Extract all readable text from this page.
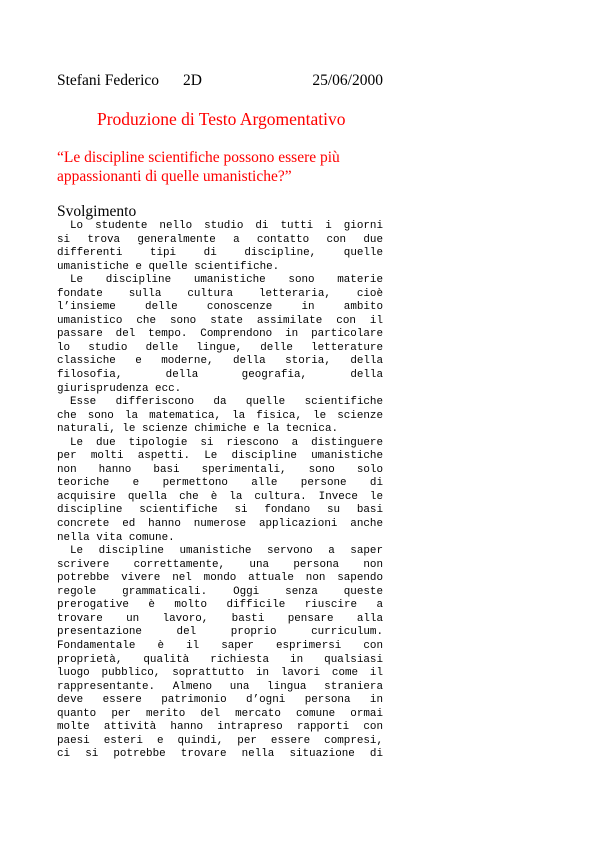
Stefani Federico 2D	25/06/2000
Produzione di Testo Argomentativo
“Le discipline scientifiche possono essere più
appassionanti di quelle umanistiche?”
Svolgimento
Lo studente nello studio di tutti i giorni
si trova generalmente a contatto con due
differenti tipi di discipline, quelle
umanistiche e quelle scientifiche.
Le discipline umanistiche sono materie
fondate sulla cultura letteraria, cioè
l’insieme delle conoscenze in ambito
umanistico che sono state assimilate con il
passare del tempo. Comprendono in particolare
lo studio delle lingue, delle letterature
classiche e moderne, della storia, della
filosofia, della geografia, della
giurisprudenza ecc.
Esse differiscono da quelle scientifiche
che sono la matematica, la fisica, le scienze
naturali, le scienze chimiche e la tecnica.
Le due tipologie si riescono a distinguere
per molti aspetti. Le discipline umanistiche
non hanno basi sperimentali, sono solo
teoriche e permettono alle persone di
acquisire quella che è la cultura. Invece le
discipline scientifiche si fondano su basi
concrete ed hanno numerose applicazioni anche
nella vita comune.
Le discipline umanistiche servono a saper
scrivere correttamente, una persona non
potrebbe vivere nel mondo attuale non sapendo
regole grammaticali. Oggi senza queste
prerogative è molto difficile riuscire a
trovare un lavoro, basti pensare alla
presentazione del proprio curriculum.
Fondamentale è il saper esprimersi con
proprietà, qualità richiesta in qualsiasi
luogo pubblico, soprattutto in lavori come il
rappresentante. Almeno una lingua straniera
deve essere patrimonio d’ogni persona in
quanto per merito del mercato comune ormai
molte attività hanno intrapreso rapporti con
paesi esteri e quindi, per essere compresi,
ci si potrebbe trovare nella situazione di
